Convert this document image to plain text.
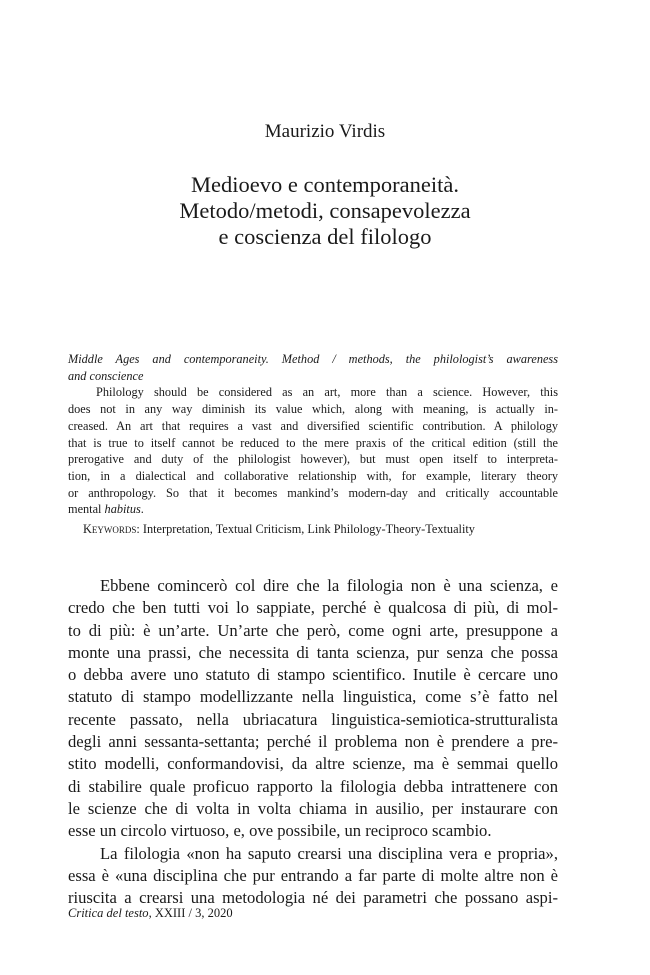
Maurizio Virdis
Medioevo e contemporaneità.
Metodo/metodi, consapevolezza
e coscienza del filologo
Middle Ages and contemporaneity. Method / methods, the philologist’s awareness
and conscience
Philology should be considered as an art, more than a science. However, this
does not in any way diminish its value which, along with meaning, is actually in-
creased. An art that requires a vast and diversified scientific contribution. A philology
that is true to itself cannot be reduced to the mere praxis of the critical edition (still the
prerogative and duty of the philologist however), but must open itself to interpreta-
tion, in a dialectical and collaborative relationship with, for example, literary theory
or anthropology. So that it becomes mankind’s modern-day and critically accountable
mental habitus.
Keywords: Interpretation, Textual Criticism, Link Philology-Theory-Textuality
Ebbene comincerò col dire che la filologia non è una scienza, e
credo che ben tutti voi lo sappiate, perché è qualcosa di più, di mol-
to di più: è un’arte. Un’arte che però, come ogni arte, presuppone a
monte una prassi, che necessita di tanta scienza, pur senza che possa
o debba avere uno statuto di stampo scientifico. Inutile è cercare uno
statuto di stampo modellizzante nella linguistica, come s’è fatto nel
recente passato, nella ubriacatura linguistica-semiotica-strutturalista
degli anni sessanta-settanta; perché il problema non è prendere a pre-
stito modelli, conformandovisi, da altre scienze, ma è semmai quello
di stabilire quale proficuo rapporto la filologia debba intrattenere con
le scienze che di volta in volta chiama in ausilio, per instaurare con
esse un circolo virtuoso, e, ove possibile, un reciproco scambio.
La filologia «non ha saputo crearsi una disciplina vera e propria»,
essa è «una disciplina che pur entrando a far parte di molte altre non è
riuscita a crearsi una metodologia né dei parametri che possano aspi-
Critica del testo, XXIII / 3, 2020
